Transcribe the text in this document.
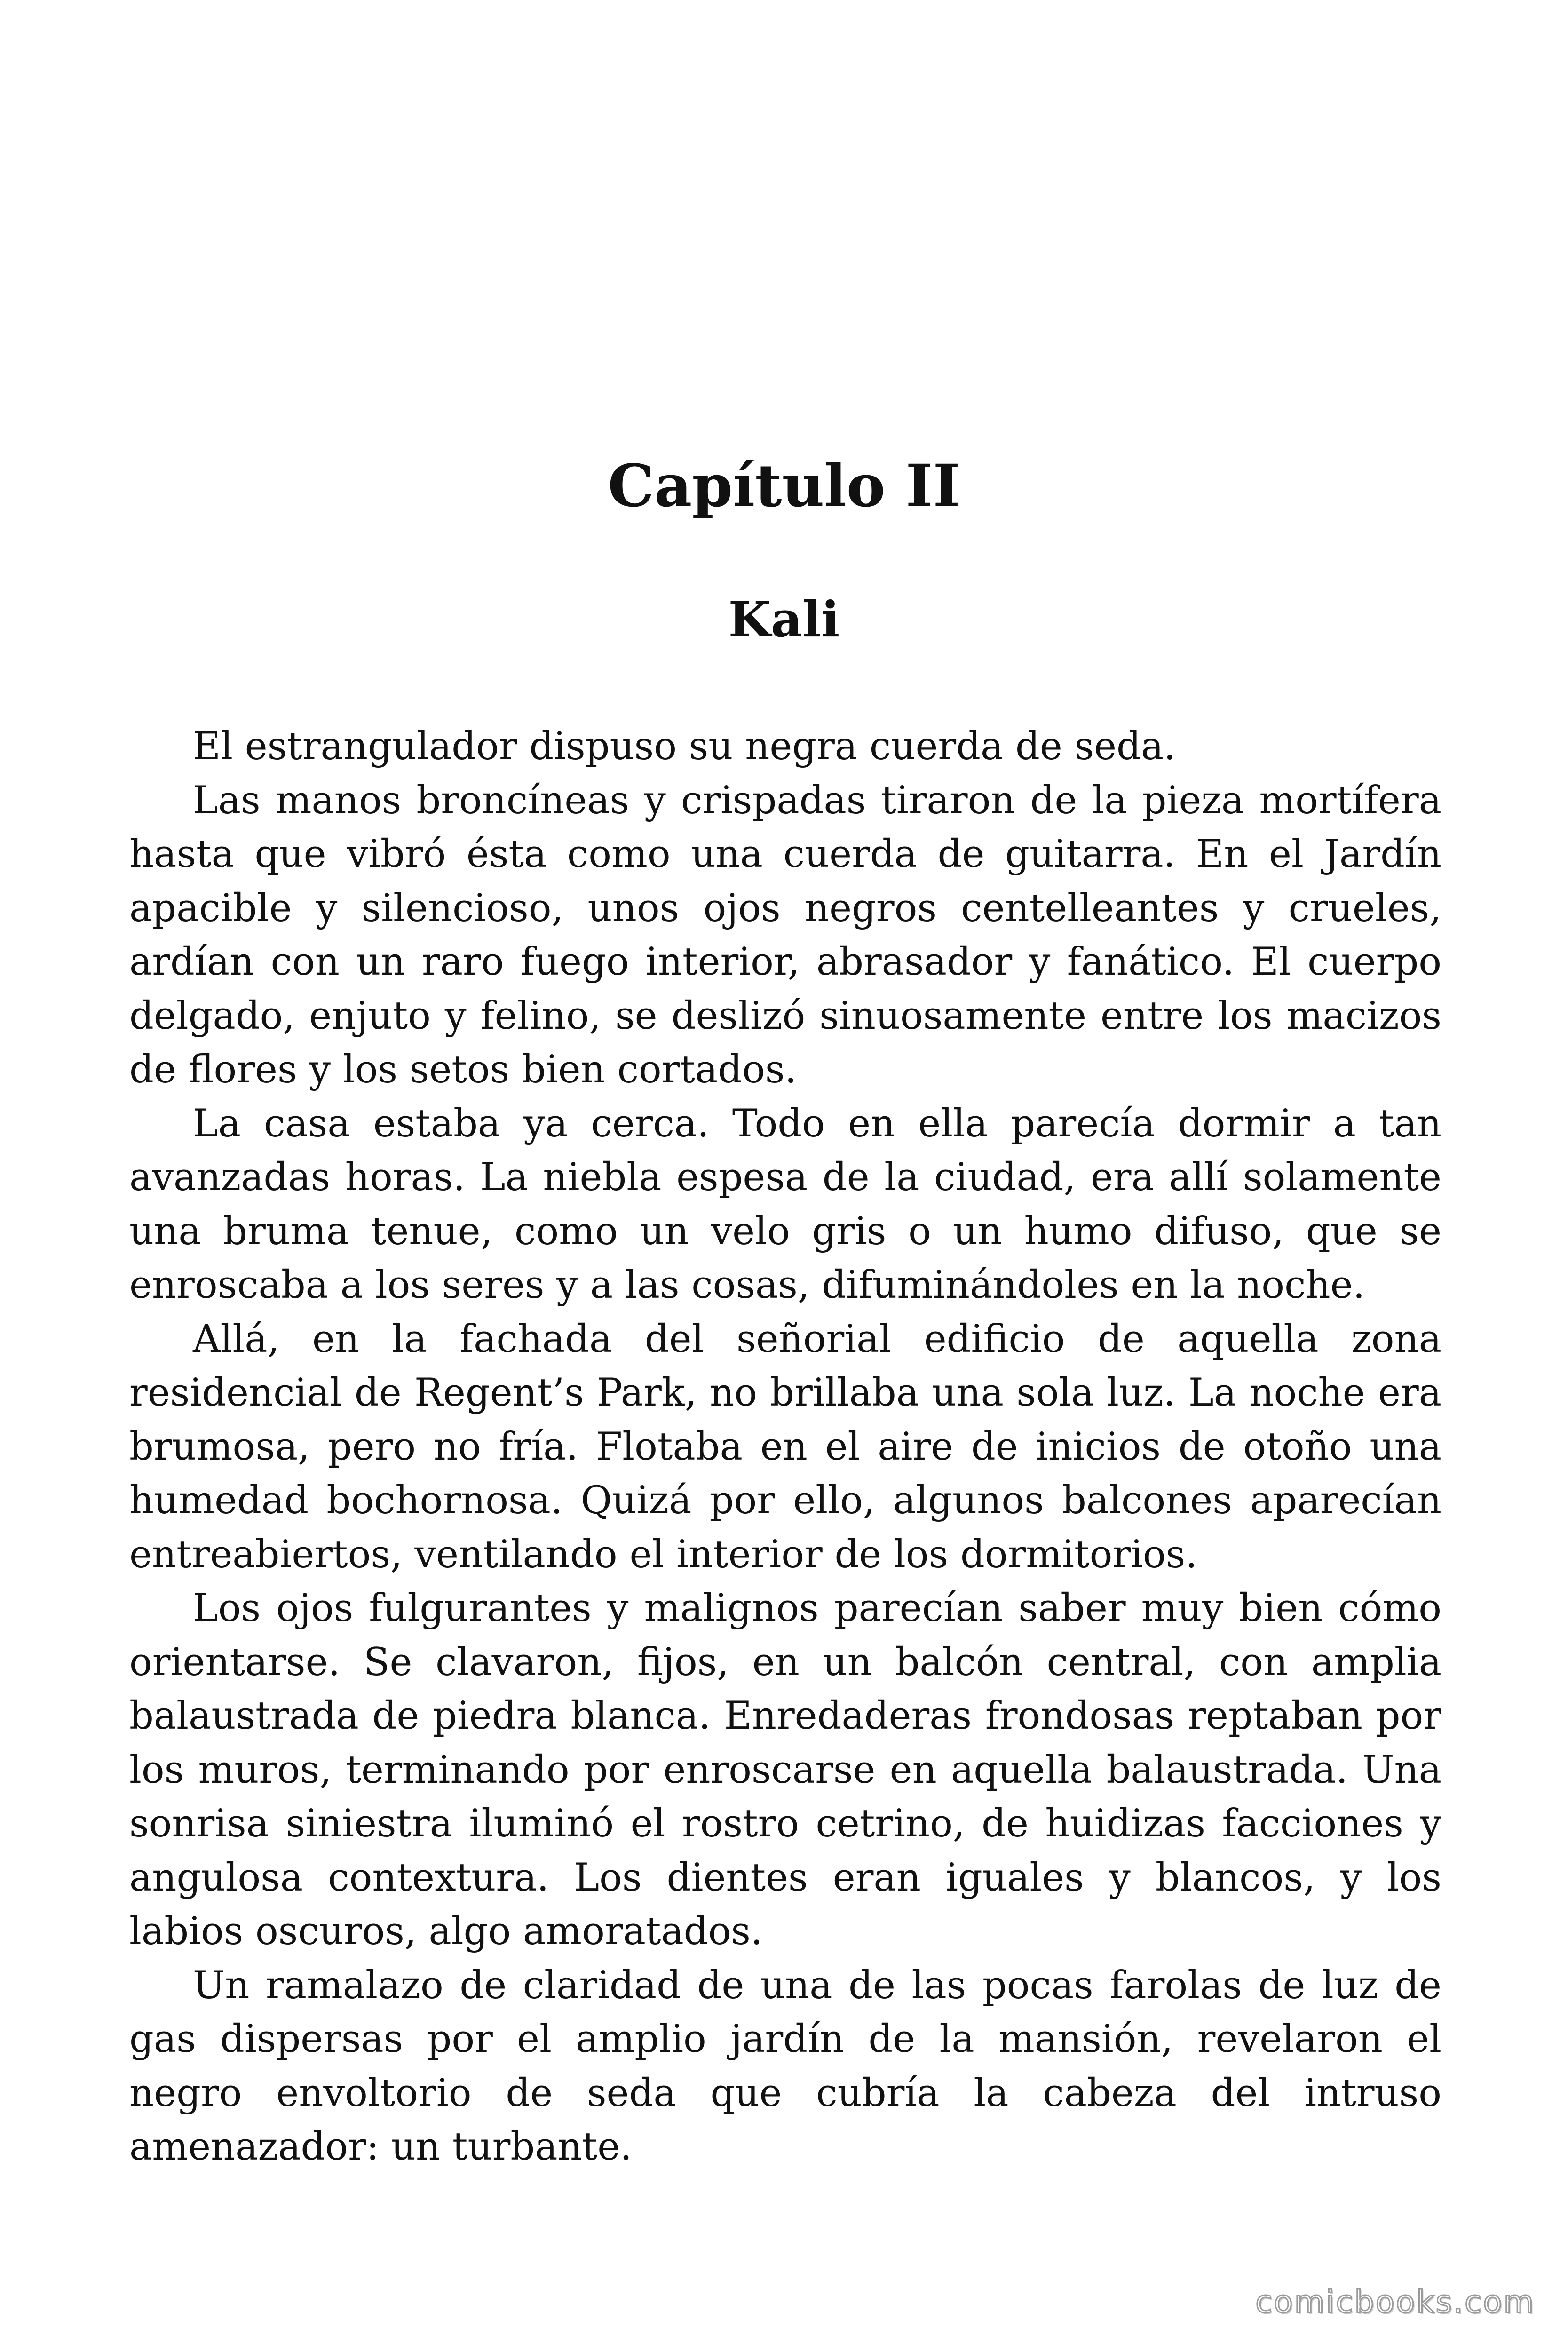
Capítulo II
Kali

El estrangulador dispuso su negra cuerda de seda.

Las manos broncíneas y crispadas tiraron de la pieza mortífera hasta que vibró ésta como una cuerda de guitarra. En el Jardín apacible y silencioso, unos ojos negros centelleantes y crueles, ardían con un raro fuego interior, abrasador y fanático. El cuerpo delgado, enjuto y felino, se deslizó sinuosamente entre los macizos de flores y los setos bien cortados.

La casa estaba ya cerca. Todo en ella parecía dormir a tan avanzadas horas. La niebla espesa de la ciudad, era allí solamente una bruma tenue, como un velo gris o un humo difuso, que se enroscaba a los seres y a las cosas, difuminándoles en la noche.

Allá, en la fachada del señorial edificio de aquella zona residencial de Regent’s Park, no brillaba una sola luz. La noche era brumosa, pero no fría. Flotaba en el aire de inicios de otoño una humedad bochornosa. Quizá por ello, algunos balcones aparecían entreabiertos, ventilando el interior de los dormitorios.

Los ojos fulgurantes y malignos parecían saber muy bien cómo orientarse. Se clavaron, fijos, en un balcón central, con amplia balaustrada de piedra blanca. Enredaderas frondosas reptaban por los muros, terminando por enroscarse en aquella balaustrada. Una sonrisa siniestra iluminó el rostro cetrino, de huidizas facciones y angulosa contextura. Los dientes eran iguales y blancos, y los labios oscuros, algo amoratados.

Un ramalazo de claridad de una de las pocas farolas de luz de gas dispersas por el amplio jardín de la mansión, revelaron el negro envoltorio de seda que cubría la cabeza del intruso amenazador: un turbante.

comicbooks.com
